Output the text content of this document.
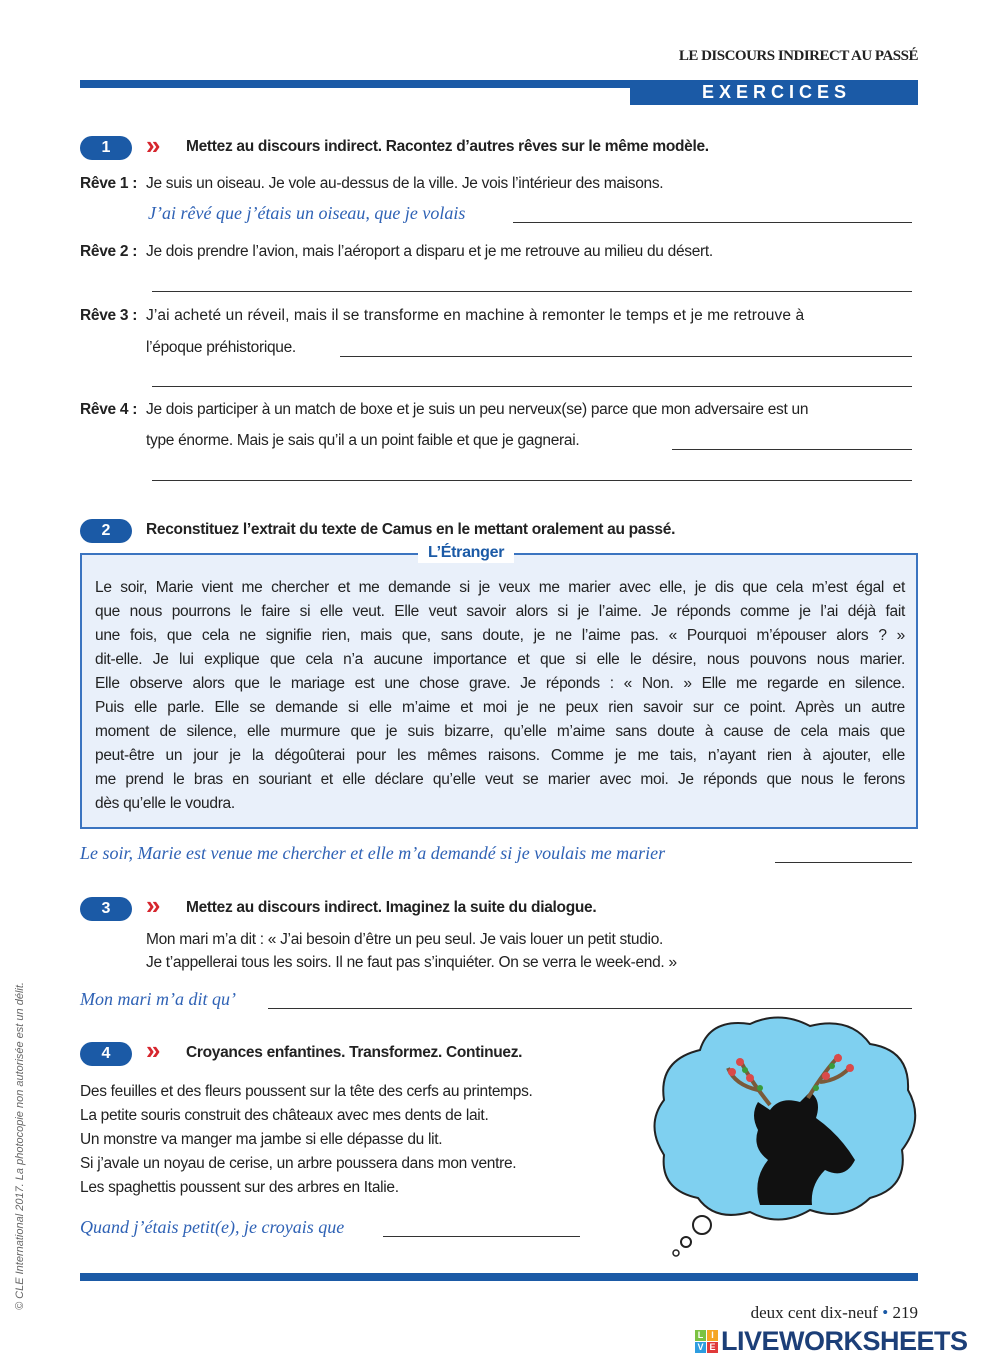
LE DISCOURS INDIRECT AU PASSÉ
E X E R C I C E S
1	» Mettez au discours indirect. Racontez d’autres rêves sur le même modèle.
Rêve 1 : Je suis un oiseau. Je vole au-dessus de la ville. Je vois l’intérieur des maisons.
J’ai rêvé que j’étais un oiseau, que je volais
Rêve 2 : Je dois prendre l’avion, mais l’aéroport a disparu et je me retrouve au milieu du désert.
Rêve 3 : J’ai acheté un réveil, mais il se transforme en machine à remonter le temps et je me retrouve à
l’époque préhistorique.
Rêve 4 : Je dois participer à un match de boxe et je suis un peu nerveux(se) parce que mon adversaire est un
type énorme. Mais je sais qu’il a un point faible et que je gagnerai.
2	Reconstituez l’extrait du texte de Camus en le mettant oralement au passé.
L’Étranger
Le soir, Marie vient me chercher et me demande si je veux me marier avec elle, je dis que cela m’est égal et
que nous pourrons le faire si elle veut. Elle veut savoir alors si je l’aime. Je réponds comme je l’ai déjà fait
une fois, que cela ne signifie rien, mais que, sans doute, je ne l’aime pas. « Pourquoi m’épouser alors ? »
dit-elle. Je lui explique que cela n’a aucune importance et que si elle le désire, nous pouvons nous marier.
Elle observe alors que le mariage est une chose grave. Je réponds : « Non. » Elle me regarde en silence.
Puis elle parle. Elle se demande si elle m’aime et moi je ne peux rien savoir sur ce point. Après un autre
moment de silence, elle murmure que je suis bizarre, qu’elle m’aime sans doute à cause de cela mais que
peut-être un jour je la dégoûterai pour les mêmes raisons. Comme je me tais, n’ayant rien à ajouter, elle
me prend le bras en souriant et elle déclare qu’elle veut se marier avec moi. Je réponds que nous le ferons
dès qu’elle le voudra.
Le soir, Marie est venue me chercher et elle m’a demandé si je voulais me marier
3	» Mettez au discours indirect. Imaginez la suite du dialogue.
Mon mari m’a dit : « J’ai besoin d’être un peu seul. Je vais louer un petit studio.
Je t’appellerai tous les soirs. Il ne faut pas s’inquiéter. On se verra le week-end. »
Mon mari m’a dit qu’
4	» Croyances enfantines. Transformez. Continuez.
Des feuilles et des fleurs poussent sur la tête des cerfs au printemps.
La petite souris construit des châteaux avec mes dents de lait.
Un monstre va manger ma jambe si elle dépasse du lit.
Si j’avale un noyau de cerise, un arbre poussera dans mon ventre.
Les spaghettis poussent sur des arbres en Italie.
Quand j’étais petit(e), je croyais que
© CLE International 2017. La photocopie non autorisée est un délit.
deux cent dix-neuf • 219
L I
V E LIVEWORKSHEETS
